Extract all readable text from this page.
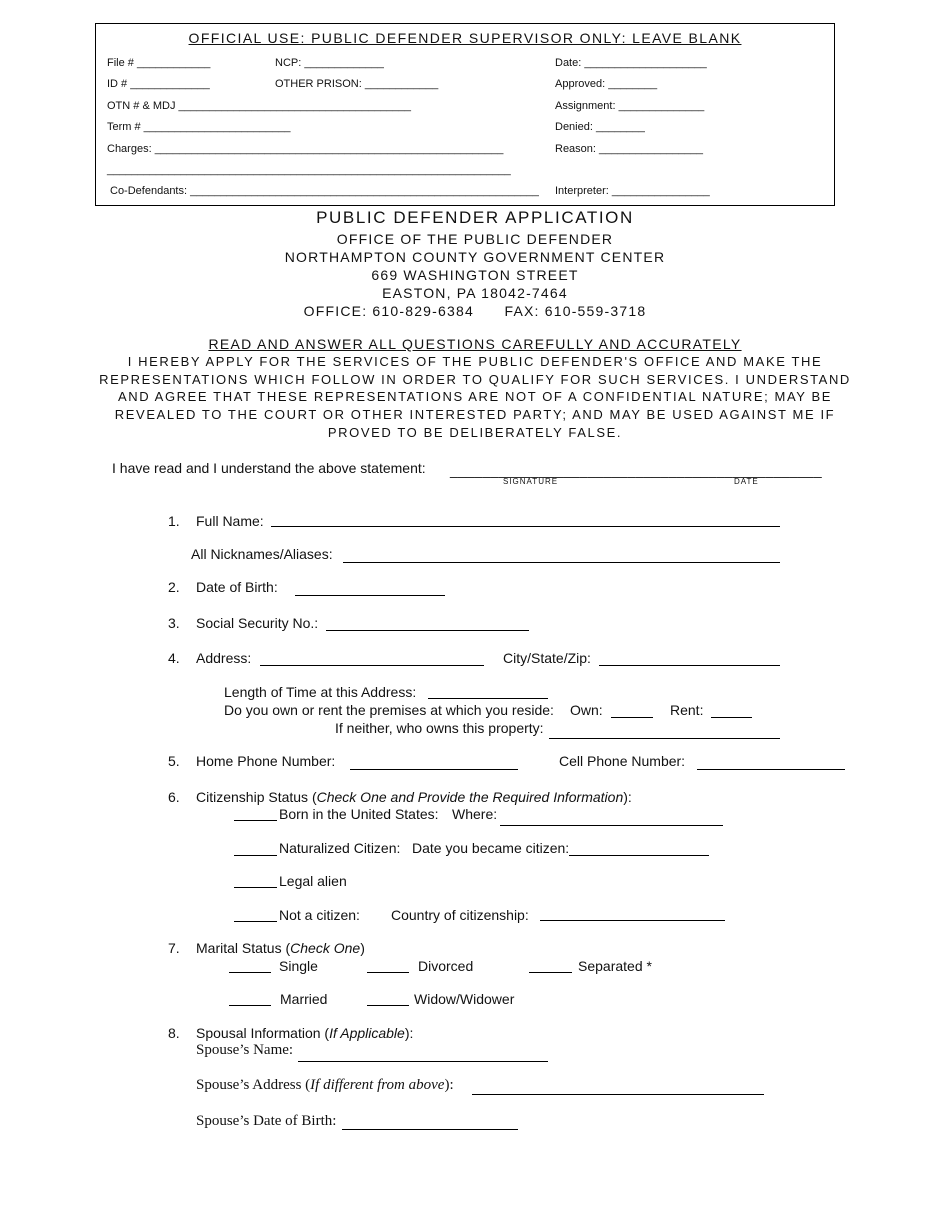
OFFICIAL USE: PUBLIC DEFENDER SUPERVISOR ONLY: LEAVE BLANK
File # ____________	NCP: _____________	Date: ____________________
ID # _____________	OTHER PRISON: ____________	Approved: ________
OTN # & MDJ ______________________________________	Assignment: ______________
Term # ________________________	Denied: ________
Charges: _________________________________________________________	Reason: _________________
__________________________________________________________________
Co-Defendants: _________________________________________________________ Interpreter: ________________
PUBLIC DEFENDER APPLICATION
OFFICE OF THE PUBLIC DEFENDER
NORTHAMPTON COUNTY GOVERNMENT CENTER
669 WASHINGTON STREET
EASTON, PA 18042-7464
OFFICE: 610-829-6384      FAX: 610-559-3718
READ AND ANSWER ALL QUESTIONS CAREFULLY AND ACCURATELY
I HEREBY APPLY FOR THE SERVICES OF THE PUBLIC DEFENDER'S OFFICE AND MAKE THE
REPRESENTATIONS WHICH FOLLOW IN ORDER TO QUALIFY FOR SUCH SERVICES. I UNDERSTAND
AND AGREE THAT THESE REPRESENTATIONS ARE NOT OF A CONFIDENTIAL NATURE; MAY BE
REVEALED TO THE COURT OR OTHER INTERESTED PARTY; AND MAY BE USED AGAINST ME IF
PROVED TO BE DELIBERATELY FALSE.
I have read and I understand the above statement: ______________________________________________
SIGNATURE	DATE
1. Full Name:
All Nicknames/Aliases:
2. Date of Birth:
3. Social Security No.:
4. Address:	City/State/Zip:
Length of Time at this Address:
Do you own or rent the premises at which you reside: Own:	Rent:
If neither, who owns this property:
5. Home Phone Number:	Cell Phone Number:
6. Citizenship Status (Check One and Provide the Required Information):
Born in the United States: Where:
Naturalized Citizen: Date you became citizen:
Legal alien
Not a citizen: Country of citizenship:
7. Marital Status (Check One)
Single	Divorced	Separated *
Married	Widow/Widower
8. Spousal Information (If Applicable):
Spouse’s Name:
Spouse’s Address (If different from above):
Spouse’s Date of Birth:
